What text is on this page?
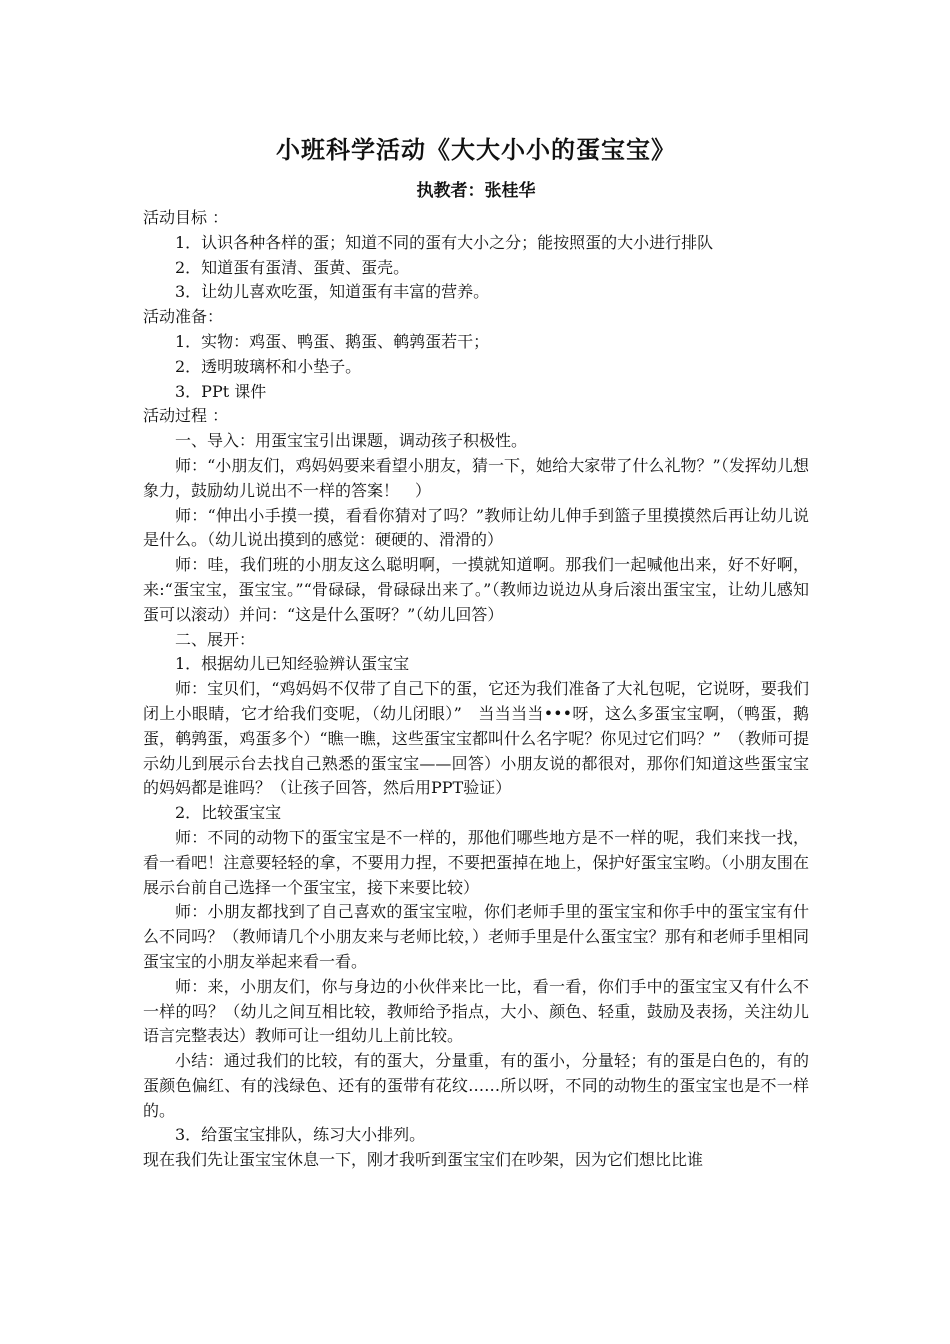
小班科学活动《大大小小的蛋宝宝》
执教者：张桂华
活动目标 ：
1．认识各种各样的蛋；知道不同的蛋有大小之分；能按照蛋的大小进行排队
2．知道蛋有蛋清、蛋黄、蛋壳。
3．让幼儿喜欢吃蛋，知道蛋有丰富的营养。
活动准备：
1．实物：鸡蛋、鸭蛋、鹅蛋、鹌鹑蛋若干；
2．透明玻璃杯和小垫子。
3．PPt 课件
活动过程 ：
一、导入：用蛋宝宝引出课题，调动孩子积极性。

师：“小朋友们，鸡妈妈要来看望小朋友，猜一下，她给大家带了什么礼物？”（发挥幼儿想象力，鼓励幼儿说出不一样的答案！　）

师：“伸出小手摸一摸，看看你猜对了吗？”教师让幼儿伸手到篮子里摸摸然后再让幼儿说是什么。（幼儿说出摸到的感觉：硬硬的、滑滑的）

师：哇，我们班的小朋友这么聪明啊，一摸就知道啊。那我们一起喊他出来，好不好啊，来:“蛋宝宝，蛋宝宝。”“骨碌碌，骨碌碌出来了。”（教师边说边从身后滚出蛋宝宝，让幼儿感知蛋可以滚动）并问：“这是什么蛋呀？”（幼儿回答）

二、展开：
1．根据幼儿已知经验辨认蛋宝宝

师：宝贝们，“鸡妈妈不仅带了自己下的蛋，它还为我们准备了大礼包呢，它说呀，要我们闭上小眼睛，它才给我们变呢，（幼儿闭眼）”　当当当当•••呀，这么多蛋宝宝啊，（鸭蛋，鹅蛋，鹌鹑蛋，鸡蛋多个）“瞧一瞧，这些蛋宝宝都叫什么名字呢？你见过它们吗？”　（教师可提示幼儿到展示台去找自己熟悉的蛋宝宝——回答）小朋友说的都很对，那你们知道这些蛋宝宝的妈妈都是谁吗？（让孩子回答，然后用PPT验证）

2．比较蛋宝宝

师：不同的动物下的蛋宝宝是不一样的，那他们哪些地方是不一样的呢，我们来找一找，看一看吧！注意要轻轻的拿，不要用力捏，不要把蛋掉在地上，保护好蛋宝宝哟。（小朋友围在展示台前自己选择一个蛋宝宝，接下来要比较）

师：小朋友都找到了自己喜欢的蛋宝宝啦，你们老师手里的蛋宝宝和你手中的蛋宝宝有什么不同吗？（教师请几个小朋友来与老师比较，）老师手里是什么蛋宝宝？那有和老师手里相同蛋宝宝的小朋友举起来看一看。

师：来，小朋友们，你与身边的小伙伴来比一比，看一看，你们手中的蛋宝宝又有什么不一样的吗？（幼儿之间互相比较，教师给予指点，大小、颜色、轻重，鼓励及表扬，关注幼儿语言完整表达）教师可让一组幼儿上前比较。

小结：通过我们的比较，有的蛋大，分量重，有的蛋小，分量轻；有的蛋是白色的，有的蛋颜色偏红、有的浅绿色、还有的蛋带有花纹……所以呀，不同的动物生的蛋宝宝也是不一样的。

3．给蛋宝宝排队，练习大小排列。

现在我们先让蛋宝宝休息一下，刚才我听到蛋宝宝们在吵架，因为它们想比比谁
